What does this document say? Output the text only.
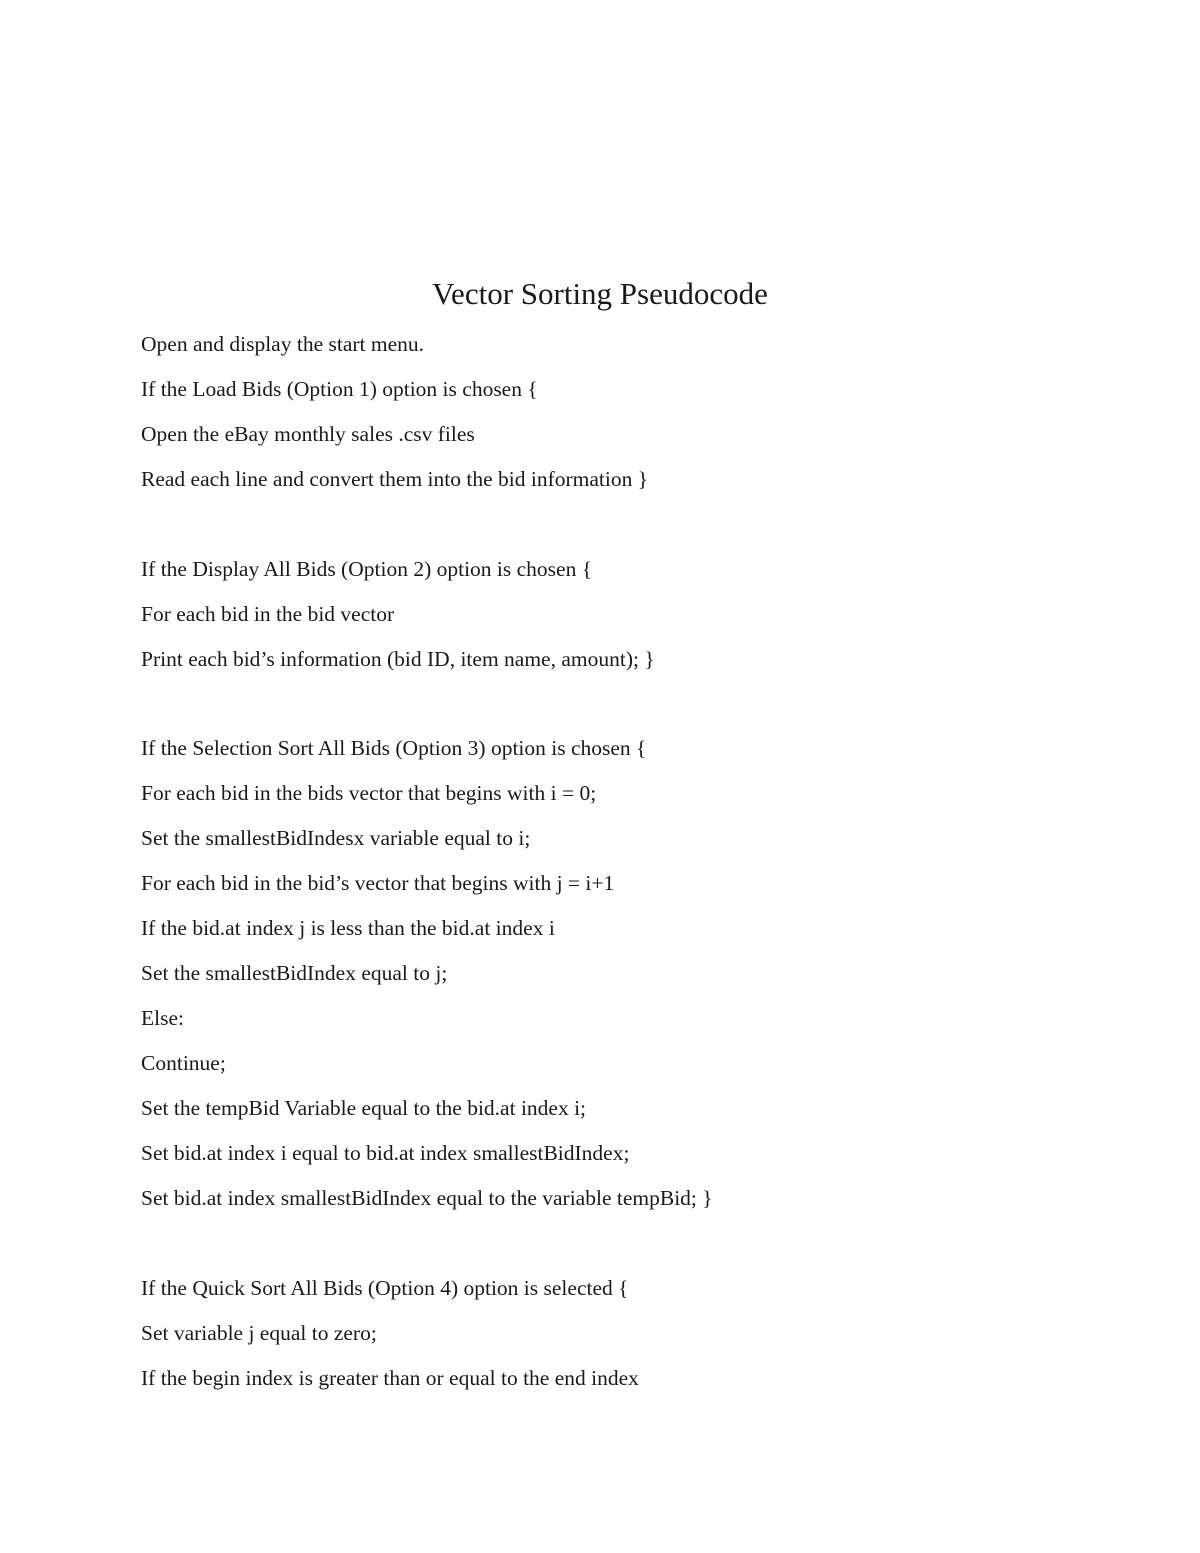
Vector Sorting Pseudocode
Open and display the start menu.
If the Load Bids (Option 1) option is chosen {
Open the eBay monthly sales .csv files
Read each line and convert them into the bid information }
If the Display All Bids (Option 2) option is chosen {
For each bid in the bid vector
Print each bid’s information (bid ID, item name, amount); }
If the Selection Sort All Bids (Option 3) option is chosen {
For each bid in the bids vector that begins with i = 0;
Set the smallestBidIndesx variable equal to i;
For each bid in the bid’s vector that begins with j = i+1
If the bid.at index j is less than the bid.at index i
Set the smallestBidIndex equal to j;
Else:
Continue;
Set the tempBid Variable equal to the bid.at index i;
Set bid.at index i equal to bid.at index smallestBidIndex;
Set bid.at index smallestBidIndex equal to the variable tempBid; }
If the Quick Sort All Bids (Option 4) option is selected {
Set variable j equal to zero;
If the begin index is greater than or equal to the end index
